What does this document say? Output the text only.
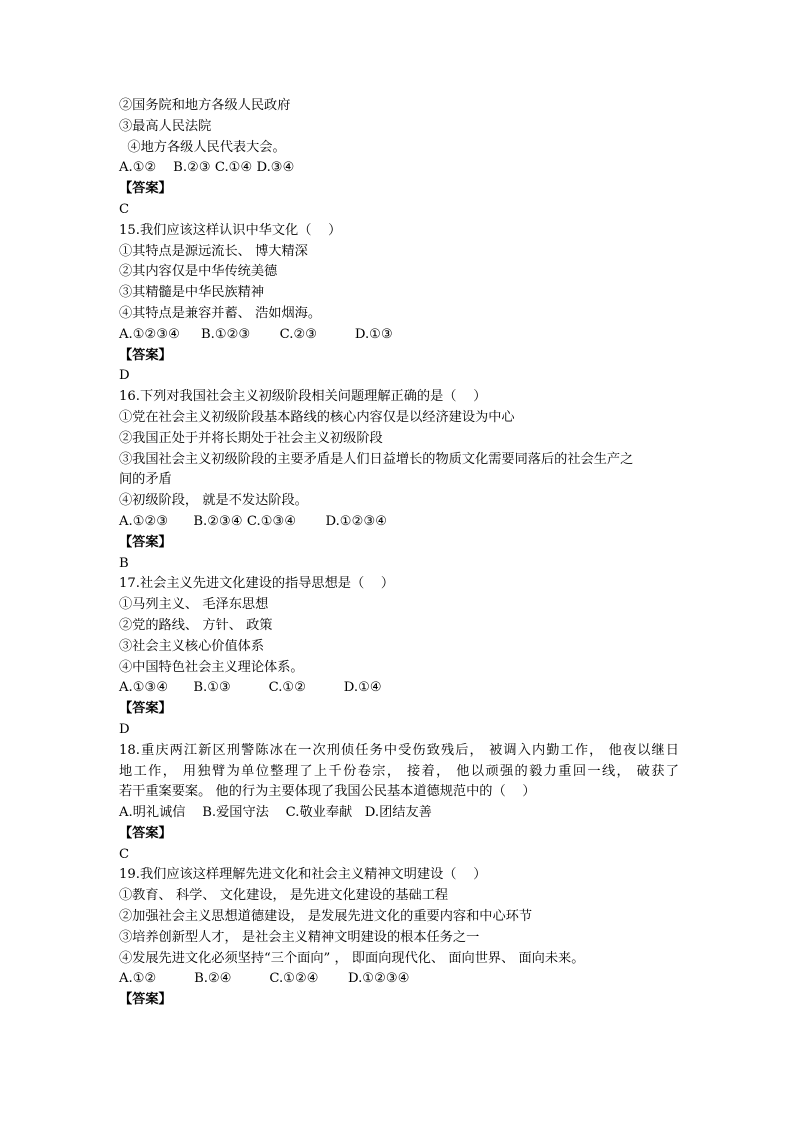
②国务院和地方各级人民政府
③最高人民法院
④地方各级人民代表大会。
A.①②    B.②③ C.①④ D.③④
【答案】
C
15.我们应该这样认识中华文化（    ）
①其特点是源远流长、 博大精深
②其内容仅是中华传统美德
③其精髓是中华民族精神
④其特点是兼容并蓄、 浩如烟海。
A.①②③④     B.①②③       C.②③         D.①③
【答案】
D
16.下列对我国社会主义初级阶段相关问题理解正确的是（    ）
①党在社会主义初级阶段基本路线的核心内容仅是以经济建设为中心
②我国正处于并将长期处于社会主义初级阶段
③我国社会主义初级阶段的主要矛盾是人们日益增长的物质文化需要同落后的社会生产之
间的矛盾
④初级阶段， 就是不发达阶段。
A.①②③      B.②③④ C.①③④       D.①②③④
【答案】
B
17.社会主义先进文化建设的指导思想是（    ）
①马列主义、 毛泽东思想
②党的路线、 方针、 政策
③社会主义核心价值体系
④中国特色社会主义理论体系。
A.①③④      B.①③         C.①②         D.①④
【答案】
D
18.重庆两江新区刑警陈冰在一次刑侦任务中受伤致残后， 被调入内勤工作， 他夜以继日
地工作， 用独臂为单位整理了上千份卷宗， 接着， 他以顽强的毅力重回一线， 破获了
若干重案要案。 他的行为主要体现了我国公民基本道德规范中的（    ）
A.明礼诚信    B.爱国守法    C.敬业奉献   D.团结友善
【答案】
C
19.我们应该这样理解先进文化和社会主义精神文明建设（    ）
①教育、 科学、 文化建设， 是先进文化建设的基础工程
②加强社会主义思想道德建设， 是发展先进文化的重要内容和中心环节
③培养创新型人才， 是社会主义精神文明建设的根本任务之一
④发展先进文化必须坚持“三个面向” ， 即面向现代化、 面向世界、 面向未来。
A.①②         B.②④         C.①②④       D.①②③④
【答案】
